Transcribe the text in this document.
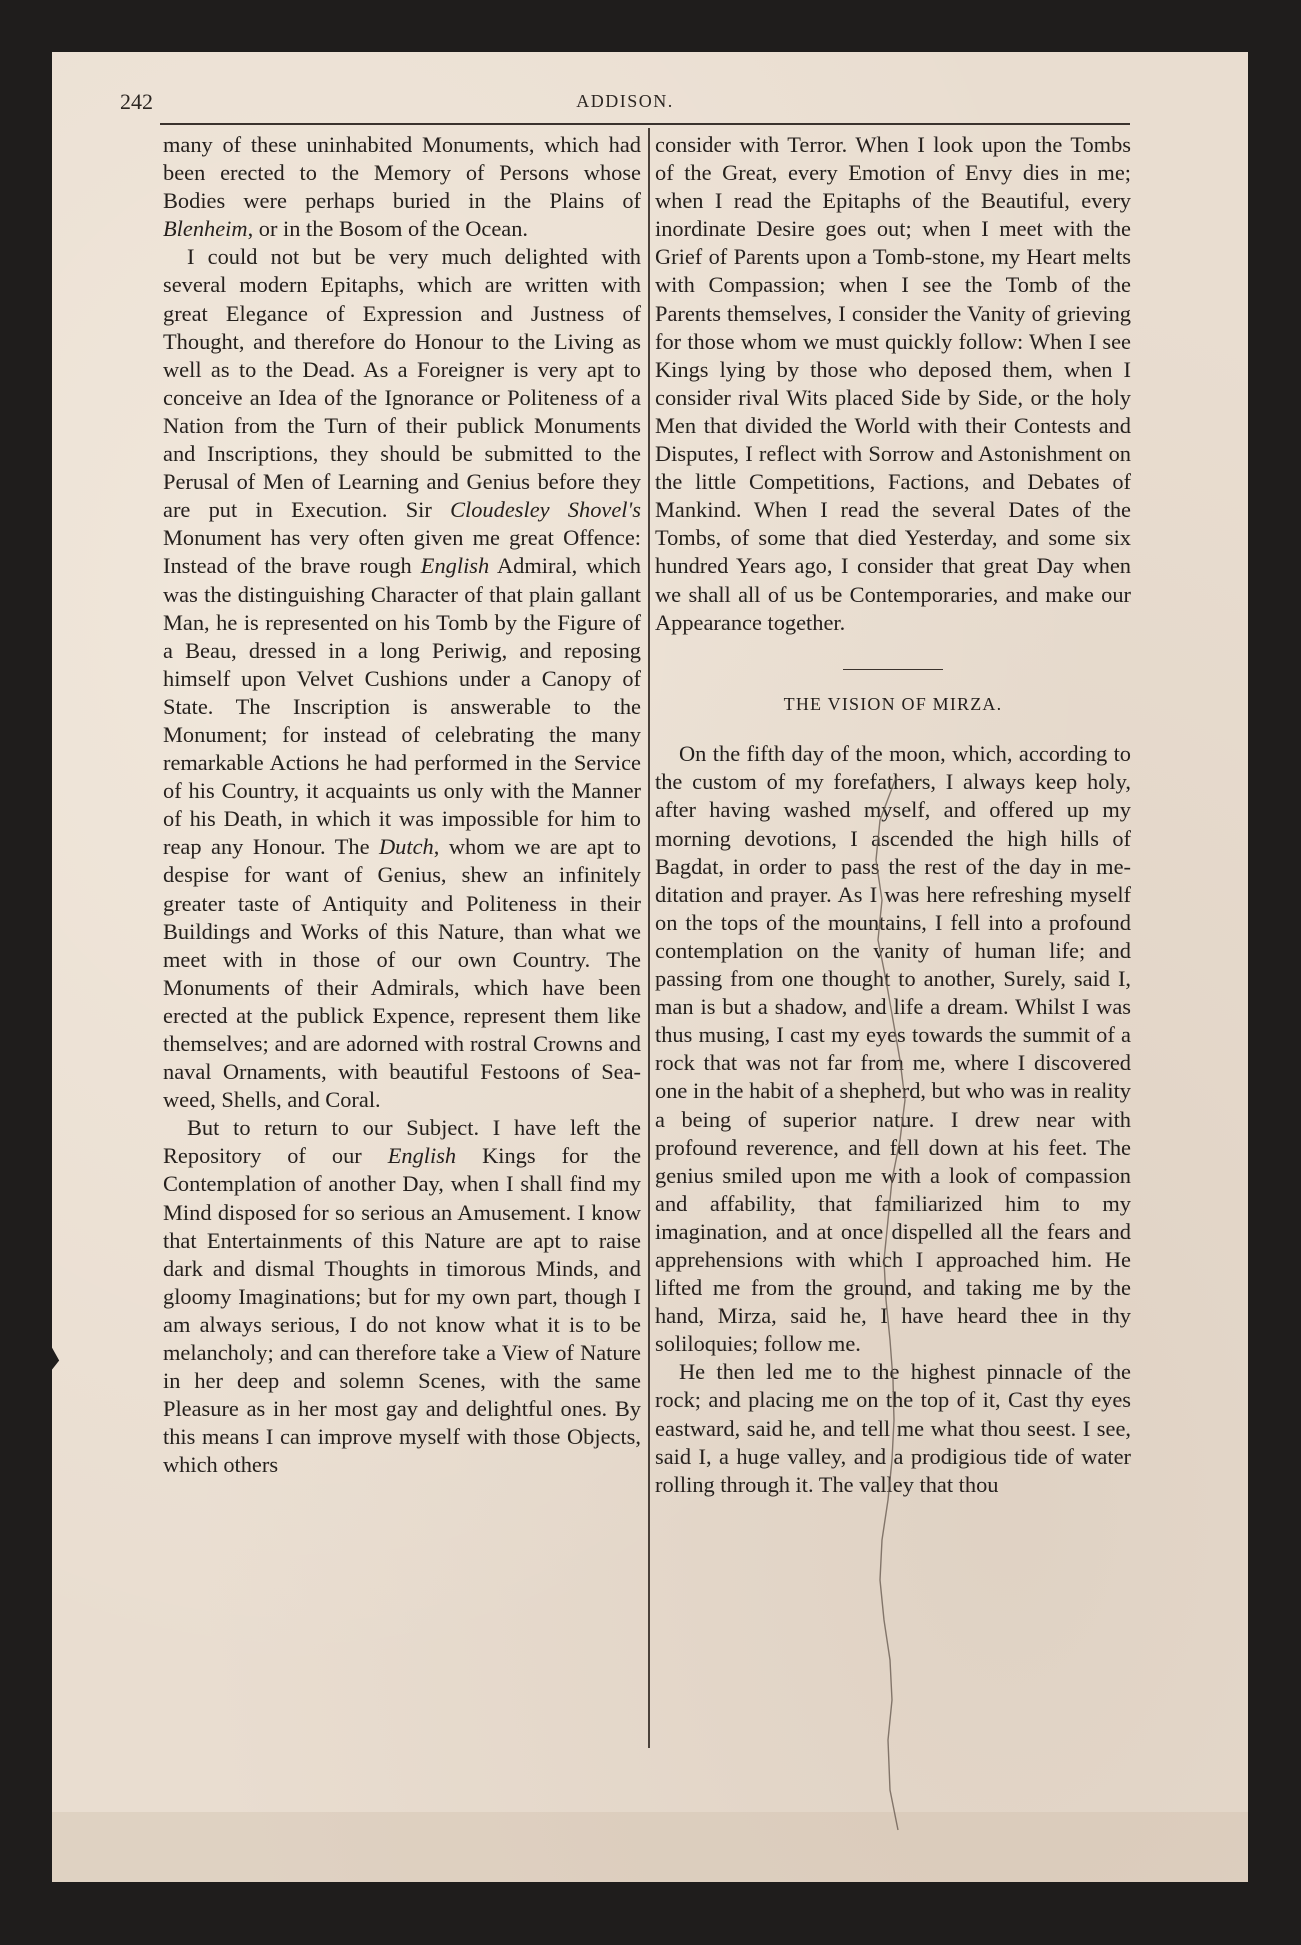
242	ADDISON.

many of these uninhabited Monuments, which had been erected to the Memory of Persons whose Bodies were perhaps buried in the Plains of Blenheim, or in the Bosom of the Ocean.

I could not but be very much delighted with several modern Epitaphs, which are written with great Elegance of Expression and Justness of Thought, and therefore do Honour to the Living as well as to the Dead. As a Foreigner is very apt to conceive an Idea of the Ignorance or Politeness of a Nation from the Turn of their publick Monuments and Inscriptions, they should be submitted to the Perusal of Men of Learning and Genius before they are put in Execution. Sir Cloudesley Shovel's Monument has very often given me great Offence: Instead of the brave rough English Admiral, which was the distinguishing Character of that plain gallant Man, he is represented on his Tomb by the Figure of a Beau, dressed in a long Periwig, and reposing himself upon Velvet Cushions under a Canopy of State. The Inscription is answerable to the Monument; for instead of celebrating the many remarkable Actions he had performed in the Service of his Country, it acquaints us only with the Manner of his Death, in which it was impossible for him to reap any Honour. The Dutch, whom we are apt to despise for want of Genius, shew an infinitely greater taste of Antiquity and Politeness in their Buildings and Works of this Nature, than what we meet with in those of our own Country. The Monuments of their Admirals, which have been erected at the publick Expence, represent them like themselves; and are adorned with rostral Crowns and naval Ornaments, with beautiful Festoons of Sea-weed, Shells, and Coral.

But to return to our Subject. I have left the Repository of our English Kings for the Contemplation of another Day, when I shall find my Mind disposed for so serious an Amusement. I know that Entertainments of this Nature are apt to raise dark and dismal Thoughts in timorous Minds, and gloomy Imaginations; but for my own part, though I am always serious, I do not know what it is to be melancholy; and can therefore take a View of Nature in her deep and solemn Scenes, with the same Pleasure as in her most gay and delightful ones. By this means I can improve myself with those Objects, which others

consider with Terror. When I look upon the Tombs of the Great, every Emotion of Envy dies in me; when I read the Epitaphs of the Beautiful, every inordinate Desire goes out; when I meet with the Grief of Parents upon a Tomb-stone, my Heart melts with Compassion; when I see the Tomb of the Parents themselves, I consider the Vanity of grieving for those whom we must quickly follow: When I see Kings lying by those who deposed them, when I consider rival Wits placed Side by Side, or the holy Men that divided the World with their Contests and Disputes, I reflect with Sorrow and Astonishment on the little Competitions, Factions, and Debates of Mankind. When I read the several Dates of the Tombs, of some that died Yesterday, and some six hundred Years ago, I consider that great Day when we shall all of us be Contemporaries, and make our Appearance together.

THE VISION OF MIRZA.

On the fifth day of the moon, which, according to the custom of my forefathers, I always keep holy, after having washed myself, and offered up my morning devotions, I ascended the high hills of Bagdat, in order to pass the rest of the day in meditation and prayer. As I was here refreshing myself on the tops of the mountains, I fell into a profound contemplation on the vanity of human life; and passing from one thought to another, Surely, said I, man is but a shadow, and life a dream. Whilst I was thus musing, I cast my eyes towards the summit of a rock that was not far from me, where I discovered one in the habit of a shepherd, but who was in reality a being of superior nature. I drew near with profound reverence, and fell down at his feet. The genius smiled upon me with a look of compassion and affability, that familiarized him to my imagination, and at once dispelled all the fears and apprehensions with which I approached him. He lifted me from the ground, and taking me by the hand, Mirza, said he, I have heard thee in thy soliloquies; follow me.

He then led me to the highest pinnacle of the rock; and placing me on the top of it, Cast thy eyes eastward, said he, and tell me what thou seest. I see, said I, a huge valley, and a prodigious tide of water rolling through it. The valley that thou
